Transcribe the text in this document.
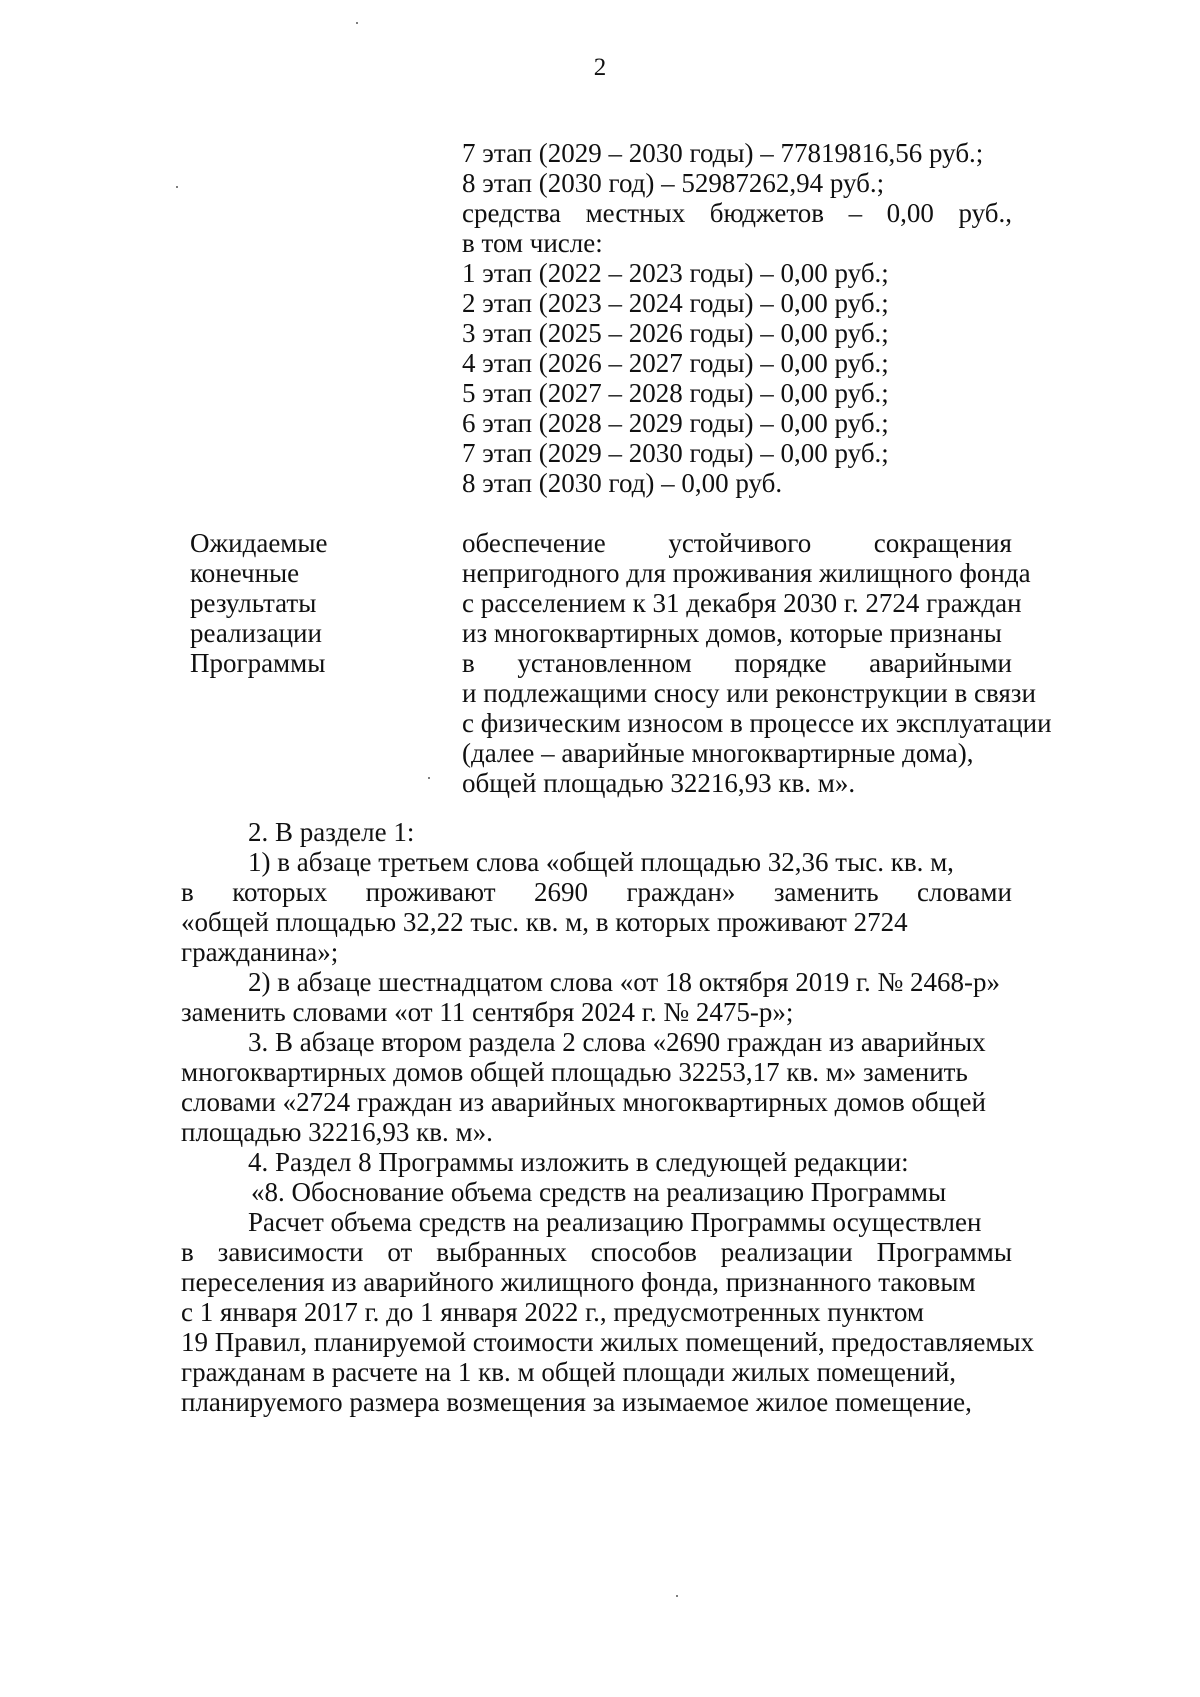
2
7 этап (2029 – 2030 годы) – 77819816,56 руб.;
8 этап (2030 год) – 52987262,94 руб.;
средства местных бюджетов – 0,00 руб.,
в том числе:
1 этап (2022 – 2023 годы) – 0,00 руб.;
2 этап (2023 – 2024 годы) – 0,00 руб.;
3 этап (2025 – 2026 годы) – 0,00 руб.;
4 этап (2026 – 2027 годы) – 0,00 руб.;
5 этап (2027 – 2028 годы) – 0,00 руб.;
6 этап (2028 – 2029 годы) – 0,00 руб.;
7 этап (2029 – 2030 годы) – 0,00 руб.;
8 этап (2030 год) – 0,00 руб.
Ожидаемые
конечные
результаты
реализации
Программы
обеспечение устойчивого сокращения
непригодного для проживания жилищного фонда
с расселением к 31 декабря 2030 г. 2724 граждан
из многоквартирных домов, которые признаны
в установленном порядке аварийными
и подлежащими сносу или реконструкции в связи
с физическим износом в процессе их эксплуатации
(далее – аварийные многоквартирные дома),
общей площадью 32216,93 кв. м».
2. В разделе 1:
1) в абзаце третьем слова «общей площадью 32,36 тыс. кв. м,
в которых проживают 2690 граждан» заменить словами
«общей площадью 32,22 тыс. кв. м, в которых проживают 2724
гражданина»;
2) в абзаце шестнадцатом слова «от 18 октября 2019 г. № 2468-р»
заменить словами «от 11 сентября 2024 г. № 2475-р»;
3. В абзаце втором раздела 2 слова «2690 граждан из аварийных
многоквартирных домов общей площадью 32253,17 кв. м» заменить
словами «2724 граждан из аварийных многоквартирных домов общей
площадью 32216,93 кв. м».
4. Раздел 8 Программы изложить в следующей редакции:
«8. Обоснование объема средств на реализацию Программы
Расчет объема средств на реализацию Программы осуществлен
в зависимости от выбранных способов реализации Программы
переселения из аварийного жилищного фонда, признанного таковым
с 1 января 2017 г. до 1 января 2022 г., предусмотренных пунктом
19 Правил, планируемой стоимости жилых помещений, предоставляемых
гражданам в расчете на 1 кв. м общей площади жилых помещений,
планируемого размера возмещения за изымаемое жилое помещение,
